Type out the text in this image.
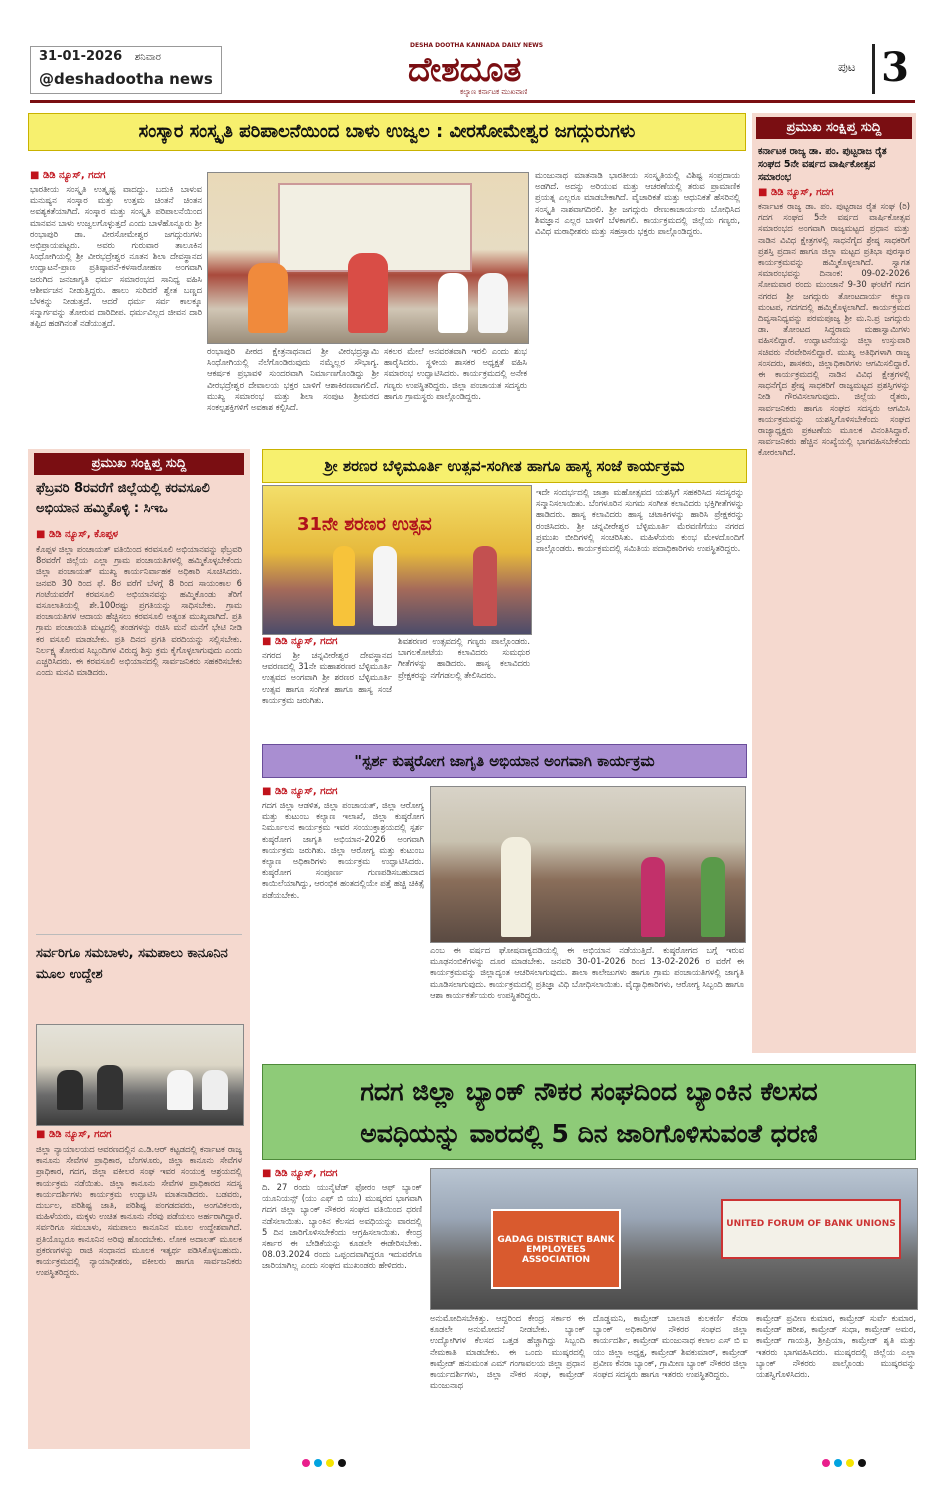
31-01-2026 ಶನಿವಾರ
@deshadootha news
DESHA DOOTHA KANNADA DAILY NEWS
ದೇಶದೂತ
ಕಲ್ಯಾಣ ಕರ್ನಾಟಕ ಮುಖವಾಣಿ
ಪುಟ 3
ಸಂಸ್ಕಾರ ಸಂಸ್ಕೃತಿ ಪರಿಪಾಲನೆಯಿಂದ ಬಾಳು ಉಜ್ವಲ : ವೀರಸೋಮೇಶ್ವರ ಜಗದ್ಗುರುಗಳು
■ ಡಿಡಿ ನ್ಯೂಸ್, ಗದಗ
ಭಾರತೀಯ ಸಂಸ್ಕೃತಿ ಉತ್ಕೃಷ್ಟ ವಾದದ್ದು. ಬದುಕಿ ಬಾಳುವ ಮನುಷ್ಯನ ಸಂಸ್ಕಾರ ಮತ್ತು ಉತ್ತಮ ಚಿಂತನೆ ಚಿಂತನ ಅವಶ್ಯಕತೆಯಾಗಿದೆ. ಸಂಸ್ಕಾರ ಮತ್ತು ಸಂಸ್ಕೃತಿ ಪರಿಪಾಲನೆಯಿಂದ ಮಾನವನ ಬಾಳು ಉಜ್ವಲಗೊಳ್ಳುತ್ತದೆ ಎಂದು ಬಾಳೆಹೊನ್ನೂರು ಶ್ರೀ ರಂಭಾಪುರಿ ಡಾ. ವೀರಸೋಮೇಶ್ವರ ಜಗದ್ಗುರುಗಳು ಅಭಿಪ್ರಾಯಪಟ್ಟರು. ಅವರು ಗುರುವಾರ ತಾಲೂಕಿನ ಸಿಂಧೋಗಿಯಲ್ಲಿ ಶ್ರೀ ವೀರಭದ್ರೇಶ್ವರ ನೂತನ ಶಿಲಾ ದೇವಸ್ಥಾನದ ಉದ್ಘಾಟನೆ-ಪ್ರಾಣ ಪ್ರತಿಷ್ಠಾಪನೆ-ಕಳಸಾರೋಹಣ ಅಂಗವಾಗಿ ಜರುಗಿದ ಜನಜಾಗೃತಿ ಧರ್ಮ ಸಮಾರಂಭದ ಸಾನಿಧ್ಯ ವಹಿಸಿ ಆಶೀರ್ವಚನ ನೀಡುತ್ತಿದ್ದರು. ಹಾಲು ಸುರಿದರೆ ಶ್ವೇತ ಬಣ್ಣದ ಬೆಳಕನ್ನು ನೀಡುತ್ತದೆ. ಆದರೆ ಧರ್ಮ ಸರ್ವ ಕಾಲಕ್ಕೂ ಸನ್ಮಾರ್ಗವನ್ನು ತೋರುವ ದಾರಿದೀಪ. ಧರ್ಮವಿಲ್ಲದ ಜೀವನ ದಾರಿ ತಪ್ಪಿದ ಹಡಗಿನಂತೆ ನಡೆಯುತ್ತದೆ.
ರಂಭಾಪುರಿ ಪೀಠದ ಕ್ಷೇತ್ರನಾಥನಾದ ಶ್ರೀ ವೀರಭದ್ರಸ್ವಾಮಿ ಸಿಂಧೋಗಿಯಲ್ಲಿ ನೆಲೆಗೊಂಡಿರುವುದು ನಮ್ಮೆಲ್ಲರ ಸೌಭಾಗ್ಯ. ಆಕರ್ಷಕ ಪ್ರಭಾವಳಿ ಸುಂದರವಾಗಿ ನಿರ್ಮಾಣಗೊಂಡಿದ್ದು ಶ್ರೀ ವೀರಭದ್ರೇಶ್ವರ ದೇವಾಲಯ ಭಕ್ತರ ಬಾಳಿಗೆ ಆಶಾಕಿರಣವಾಗಲಿದೆ. ಮುಖ್ಯ ಸಮಾರಂಭ ಮತ್ತು ಶಿಲಾ ಸಂಪುಟ ಶ್ರೀಮಠದ ಸಂಕಲ್ಪಶಕ್ತಿಗಳಿಗೆ ಅವಕಾಶ ಕಲ್ಪಿಸಿದೆ.
ಸಕಲರ ಮೇಲೆ ಅನವರತವಾಗಿ ಇರಲಿ ಎಂದು ಶುಭ ಹಾರೈಸಿದರು. ಸ್ಥಳೀಯ ಶಾಸಕರ ಅಧ್ಯಕ್ಷತೆ ವಹಿಸಿ ಸಮಾರಂಭ ಉದ್ಘಾಟಿಸಿದರು. ಕಾರ್ಯಕ್ರಮದಲ್ಲಿ ಅನೇಕ ಗಣ್ಯರು ಉಪಸ್ಥಿತರಿದ್ದರು. ಜಿಲ್ಲಾ ಪಂಚಾಯತ ಸದಸ್ಯರು ಹಾಗೂ ಗ್ರಾಮಸ್ಥರು ಪಾಲ್ಗೊಂಡಿದ್ದರು.
ಮಂಜುನಾಥ ಮಾತನಾಡಿ ಭಾರತೀಯ ಸಂಸ್ಕೃತಿಯಲ್ಲಿ ವಿಶಿಷ್ಟ ಸಂಪ್ರದಾಯ ಅಡಗಿದೆ. ಅದನ್ನು ಅರಿಯುವ ಮತ್ತು ಆಚರಣೆಯಲ್ಲಿ ತರುವ ಪ್ರಾಮಾಣಿಕ ಪ್ರಯತ್ನ ಎಲ್ಲರೂ ಮಾಡಬೇಕಾಗಿದೆ. ವೈಚಾರಿಕತೆ ಮತ್ತು ಆಧುನಿಕತೆ ಹೆಸರಿನಲ್ಲಿ ಸಂಸ್ಕೃತಿ ನಾಶವಾಗದಿರಲಿ. ಶ್ರೀ ಜಗದ್ಗುರು ರೇಣುಕಾಚಾರ್ಯರು ಬೋಧಿಸಿದ ಶಿವಜ್ಞಾನ ಎಲ್ಲರ ಬಾಳಿಗೆ ಬೆಳಕಾಗಲಿ. ಕಾರ್ಯಕ್ರಮದಲ್ಲಿ ಜಿಲ್ಲೆಯ ಗಣ್ಯರು, ವಿವಿಧ ಮಠಾಧೀಶರು ಮತ್ತು ಸಹಸ್ರಾರು ಭಕ್ತರು ಪಾಲ್ಗೊಂಡಿದ್ದರು.
ಪ್ರಮುಖ ಸಂಕ್ಷಿಪ್ತ ಸುದ್ದಿ
ಕರ್ನಾಟಕ ರಾಜ್ಯ ಡಾ. ಪಂ. ಪುಟ್ಟರಾಜ ರೈತ ಸಂಘದ 5ನೇ ವರ್ಷದ ವಾರ್ಷಿಕೋತ್ಸವ ಸಮಾರಂಭ
■ ಡಿಡಿ ನ್ಯೂಸ್, ಗದಗ
ಕರ್ನಾಟಕ ರಾಜ್ಯ ಡಾ. ಪಂ. ಪುಟ್ಟರಾಜ ರೈತ ಸಂಘ (ರಿ) ಗದಗ ಸಂಘದ 5ನೇ ವರ್ಷದ ವಾರ್ಷಿಕೋತ್ಸವ ಸಮಾರಂಭದ ಅಂಗವಾಗಿ ರಾಜ್ಯಮಟ್ಟದ ಪ್ರಧಾನ ಮತ್ತು ನಾಡಿನ ವಿವಿಧ ಕ್ಷೇತ್ರಗಳಲ್ಲಿ ಸಾಧನೆಗೈದ ಶ್ರೇಷ್ಠ ಸಾಧಕರಿಗೆ ಪ್ರಶಸ್ತಿ ಪ್ರದಾನ ಹಾಗೂ ಜಿಲ್ಲಾ ಮಟ್ಟದ ಪ್ರತಿಭಾ ಪುರಸ್ಕಾರ ಕಾರ್ಯಕ್ರಮವನ್ನು ಹಮ್ಮಿಕೊಳ್ಳಲಾಗಿದೆ. ಸ್ವಾಗತ ಸಮಾರಂಭವನ್ನು ದಿನಾಂಕ: 09-02-2026 ಸೋಮವಾರ ರಂದು ಮುಂಜಾನೆ 9-30 ಘಂಟೆಗೆ ಗದಗ ನಗರದ ಶ್ರೀ ಜಗದ್ಗುರು ತೋಂಟದಾರ್ಯ ಕಲ್ಯಾಣ ಮಂಟಪ, ಗದಗದಲ್ಲಿ ಹಮ್ಮಿಕೊಳ್ಳಲಾಗಿದೆ. ಕಾರ್ಯಕ್ರಮದ ದಿವ್ಯಸಾನಿಧ್ಯವನ್ನು ಪರಮಪೂಜ್ಯ ಶ್ರೀ ಮ.ನಿ.ಪ್ರ ಜಗದ್ಗುರು ಡಾ. ತೋಂಟದ ಸಿದ್ಧರಾಮ ಮಹಾಸ್ವಾಮಿಗಳು ವಹಿಸಲಿದ್ದಾರೆ. ಉದ್ಘಾಟನೆಯನ್ನು ಜಿಲ್ಲಾ ಉಸ್ತುವಾರಿ ಸಚಿವರು ನೆರವೇರಿಸಲಿದ್ದಾರೆ. ಮುಖ್ಯ ಅತಿಥಿಗಳಾಗಿ ರಾಜ್ಯ ಸಂಸದರು, ಶಾಸಕರು, ಜಿಲ್ಲಾಧಿಕಾರಿಗಳು ಆಗಮಿಸಲಿದ್ದಾರೆ. ಈ ಕಾರ್ಯಕ್ರಮದಲ್ಲಿ ನಾಡಿನ ವಿವಿಧ ಕ್ಷೇತ್ರಗಳಲ್ಲಿ ಸಾಧನೆಗೈದ ಶ್ರೇಷ್ಠ ಸಾಧಕರಿಗೆ ರಾಜ್ಯಮಟ್ಟದ ಪ್ರಶಸ್ತಿಗಳನ್ನು ನೀಡಿ ಗೌರವಿಸಲಾಗುವುದು. ಜಿಲ್ಲೆಯ ರೈತರು, ಸಾರ್ವಜನಿಕರು ಹಾಗೂ ಸಂಘದ ಸದಸ್ಯರು ಆಗಮಿಸಿ ಕಾರ್ಯಕ್ರಮವನ್ನು ಯಶಸ್ವಿಗೊಳಿಸಬೇಕೆಂದು ಸಂಘದ ರಾಜ್ಯಾಧ್ಯಕ್ಷರು ಪ್ರಕಟಣೆಯ ಮೂಲಕ ವಿನಂತಿಸಿದ್ದಾರೆ. ಸಾರ್ವಜನಿಕರು ಹೆಚ್ಚಿನ ಸಂಖ್ಯೆಯಲ್ಲಿ ಭಾಗವಹಿಸಬೇಕೆಂದು ಕೋರಲಾಗಿದೆ.
ಪ್ರಮುಖ ಸಂಕ್ಷಿಪ್ತ ಸುದ್ದಿ
ಫೆಬ್ರವರಿ 8ರವರೆಗೆ ಜಿಲ್ಲೆಯಲ್ಲಿ ಕರವಸೂಲಿ ಅಭಿಯಾನ ಹಮ್ಮಿಕೊಳ್ಳಿ : ಸಿಇಒ
■ ಡಿಡಿ ನ್ಯೂಸ್, ಕೊಪ್ಪಳ
ಕೊಪ್ಪಳ ಜಿಲ್ಲಾ ಪಂಚಾಯತ್ ವತಿಯಿಂದ ಕರವಸೂಲಿ ಅಭಿಯಾನವನ್ನು ಫೆಬ್ರವರಿ 8ರವರೆಗೆ ಜಿಲ್ಲೆಯ ಎಲ್ಲಾ ಗ್ರಾಮ ಪಂಚಾಯತಿಗಳಲ್ಲಿ ಹಮ್ಮಿಕೊಳ್ಳಬೇಕೆಂದು ಜಿಲ್ಲಾ ಪಂಚಾಯತ್ ಮುಖ್ಯ ಕಾರ್ಯನಿರ್ವಾಹಕ ಅಧಿಕಾರಿ ಸೂಚಿಸಿದರು. ಜನವರಿ 30 ರಿಂದ ಫೆ. 8ರ ವರೆಗೆ ಬೆಳಗ್ಗೆ 8 ರಿಂದ ಸಾಯಂಕಾಲ 6 ಗಂಟೆಯವರೆಗೆ ಕರವಸೂಲಿ ಅಭಿಯಾನವನ್ನು ಹಮ್ಮಿಕೊಂಡು ತೆರಿಗೆ ವಸೂಲಾತಿಯಲ್ಲಿ ಶೇ.100ರಷ್ಟು ಪ್ರಗತಿಯನ್ನು ಸಾಧಿಸಬೇಕು. ಗ್ರಾಮ ಪಂಚಾಯತಿಗಳ ಆದಾಯ ಹೆಚ್ಚಿಸಲು ಕರವಸೂಲಿ ಅತ್ಯಂತ ಮುಖ್ಯವಾಗಿದೆ. ಪ್ರತಿ ಗ್ರಾಮ ಪಂಚಾಯತಿ ಮಟ್ಟದಲ್ಲಿ ತಂಡಗಳನ್ನು ರಚಿಸಿ ಮನೆ ಮನೆಗೆ ಭೇಟಿ ನೀಡಿ ಕರ ವಸೂಲಿ ಮಾಡಬೇಕು. ಪ್ರತಿ ದಿನದ ಪ್ರಗತಿ ವರದಿಯನ್ನು ಸಲ್ಲಿಸಬೇಕು. ನಿರ್ಲಕ್ಷ್ಯ ತೋರುವ ಸಿಬ್ಬಂದಿಗಳ ವಿರುದ್ಧ ಶಿಸ್ತು ಕ್ರಮ ಕೈಗೊಳ್ಳಲಾಗುವುದು ಎಂದು ಎಚ್ಚರಿಸಿದರು. ಈ ಕರವಸೂಲಿ ಅಭಿಯಾನದಲ್ಲಿ ಸಾರ್ವಜನಿಕರು ಸಹಕರಿಸಬೇಕು ಎಂದು ಮನವಿ ಮಾಡಿದರು.
ಸರ್ವರಿಗೂ ಸಮಬಾಳು, ಸಮಪಾಲು ಕಾನೂನಿನ ಮೂಲ ಉದ್ದೇಶ
■ ಡಿಡಿ ನ್ಯೂಸ್, ಗದಗ
ಜಿಲ್ಲಾ ನ್ಯಾಯಾಲಯದ ಆವರಣದಲ್ಲಿನ ಎ.ಡಿ.ಆರ್ ಕಟ್ಟಡದಲ್ಲಿ ಕರ್ನಾಟಕ ರಾಜ್ಯ ಕಾನೂನು ಸೇವೆಗಳ ಪ್ರಾಧಿಕಾರ, ಬೆಂಗಳೂರು, ಜಿಲ್ಲಾ ಕಾನೂನು ಸೇವೆಗಳ ಪ್ರಾಧಿಕಾರ, ಗದಗ, ಜಿಲ್ಲಾ ವಕೀಲರ ಸಂಘ ಇವರ ಸಂಯುಕ್ತ ಆಶ್ರಯದಲ್ಲಿ ಕಾರ್ಯಕ್ರಮ ನಡೆಯಿತು. ಜಿಲ್ಲಾ ಕಾನೂನು ಸೇವೆಗಳ ಪ್ರಾಧಿಕಾರದ ಸದಸ್ಯ ಕಾರ್ಯದರ್ಶಿಗಳು ಕಾರ್ಯಕ್ರಮ ಉದ್ಘಾಟಿಸಿ ಮಾತನಾಡಿದರು. ಬಡವರು, ದುರ್ಬಲ, ಪರಿಶಿಷ್ಟ ಜಾತಿ, ಪರಿಶಿಷ್ಟ ಪಂಗಡದವರು, ಅಂಗವಿಕಲರು, ಮಹಿಳೆಯರು, ಮಕ್ಕಳು ಉಚಿತ ಕಾನೂನು ನೆರವು ಪಡೆಯಲು ಅರ್ಹರಾಗಿದ್ದಾರೆ. ಸರ್ವರಿಗೂ ಸಮಬಾಳು, ಸಮಪಾಲು ಕಾನೂನಿನ ಮೂಲ ಉದ್ದೇಶವಾಗಿದೆ. ಪ್ರತಿಯೊಬ್ಬರೂ ಕಾನೂನಿನ ಅರಿವು ಹೊಂದಬೇಕು. ಲೋಕ ಅದಾಲತ್ ಮೂಲಕ ಪ್ರಕರಣಗಳನ್ನು ರಾಜಿ ಸಂಧಾನದ ಮೂಲಕ ಇತ್ಯರ್ಥ ಪಡಿಸಿಕೊಳ್ಳಬಹುದು. ಕಾರ್ಯಕ್ರಮದಲ್ಲಿ ನ್ಯಾಯಾಧೀಶರು, ವಕೀಲರು ಹಾಗೂ ಸಾರ್ವಜನಿಕರು ಉಪಸ್ಥಿತರಿದ್ದರು.
ಶ್ರೀ ಶರಣರ ಬೆಳ್ಳಿಮೂರ್ತಿ ಉತ್ಸವ-ಸಂಗೀತ ಹಾಗೂ ಹಾಸ್ಯ ಸಂಜೆ ಕಾರ್ಯಕ್ರಮ
31ನೇ ಶರಣರ ಉತ್ಸವ
■ ಡಿಡಿ ನ್ಯೂಸ್, ಗದಗ
ನಗರದ ಶ್ರೀ ಚನ್ನವೀರೇಶ್ವರ ದೇವಸ್ಥಾನದ ಆವರಣದಲ್ಲಿ 31ನೇ ಮಹಾಶರಣರ ಬೆಳ್ಳಿಮೂರ್ತಿ ಉತ್ಸವದ ಅಂಗವಾಗಿ ಶ್ರೀ ಶರಣರ ಬೆಳ್ಳಿಮೂರ್ತಿ ಉತ್ಸವ ಹಾಗೂ ಸಂಗೀತ ಹಾಗೂ ಹಾಸ್ಯ ಸಂಜೆ ಕಾರ್ಯಕ್ರಮ ಜರುಗಿತು.
ಶಿವಶರಣರ ಉತ್ಸವದಲ್ಲಿ ಗಣ್ಯರು ಪಾಲ್ಗೊಂಡರು. ಬಾಗಲಕೋಟೆಯ ಕಲಾವಿದರು ಸುಮಧುರ ಗೀತೆಗಳನ್ನು ಹಾಡಿದರು. ಹಾಸ್ಯ ಕಲಾವಿದರು ಪ್ರೇಕ್ಷಕರನ್ನು ನಗೆಗಡಲಲ್ಲಿ ತೇಲಿಸಿದರು.
ಇದೇ ಸಂದರ್ಭದಲ್ಲಿ ಜಾತ್ರಾ ಮಹೋತ್ಸವದ ಯಶಸ್ಸಿಗೆ ಸಹಕರಿಸಿದ ಸದಸ್ಯರನ್ನು ಸನ್ಮಾನಿಸಲಾಯಿತು. ಬೆಂಗಳೂರಿನ ಸುಗಮ ಸಂಗೀತ ಕಲಾವಿದರು ಭಕ್ತಿಗೀತೆಗಳನ್ನು ಹಾಡಿದರು. ಹಾಸ್ಯ ಕಲಾವಿದರು ಹಾಸ್ಯ ಚಟಾಕಿಗಳನ್ನು ಹಾರಿಸಿ ಪ್ರೇಕ್ಷಕರನ್ನು ರಂಜಿಸಿದರು. ಶ್ರೀ ಚನ್ನವೀರೇಶ್ವರ ಬೆಳ್ಳಿಮೂರ್ತಿ ಮೆರವಣಿಗೆಯು ನಗರದ ಪ್ರಮುಖ ಬೀದಿಗಳಲ್ಲಿ ಸಂಚರಿಸಿತು. ಮಹಿಳೆಯರು ಕುಂಭ ಮೇಳದೊಂದಿಗೆ ಪಾಲ್ಗೊಂಡರು. ಕಾರ್ಯಕ್ರಮದಲ್ಲಿ ಸಮಿತಿಯ ಪದಾಧಿಕಾರಿಗಳು ಉಪಸ್ಥಿತರಿದ್ದರು.
"ಸ್ಪರ್ಶ ಕುಷ್ಠರೋಗ ಜಾಗೃತಿ ಅಭಿಯಾನ ಅಂಗವಾಗಿ ಕಾರ್ಯಕ್ರಮ
■ ಡಿಡಿ ನ್ಯೂಸ್, ಗದಗ
ಗದಗ ಜಿಲ್ಲಾ ಆಡಳಿತ, ಜಿಲ್ಲಾ ಪಂಚಾಯತ್, ಜಿಲ್ಲಾ ಆರೋಗ್ಯ ಮತ್ತು ಕುಟುಂಬ ಕಲ್ಯಾಣ ಇಲಾಖೆ, ಜಿಲ್ಲಾ ಕುಷ್ಠರೋಗ ನಿರ್ಮೂಲನ ಕಾರ್ಯಕ್ರಮ ಇವರ ಸಂಯುಕ್ತಾಶ್ರಯದಲ್ಲಿ ಸ್ಪರ್ಶ ಕುಷ್ಠರೋಗ ಜಾಗೃತಿ ಅಭಿಯಾನ-2026 ಅಂಗವಾಗಿ ಕಾರ್ಯಕ್ರಮ ಜರುಗಿತು. ಜಿಲ್ಲಾ ಆರೋಗ್ಯ ಮತ್ತು ಕುಟುಂಬ ಕಲ್ಯಾಣ ಅಧಿಕಾರಿಗಳು ಕಾರ್ಯಕ್ರಮ ಉದ್ಘಾಟಿಸಿದರು. ಕುಷ್ಠರೋಗ ಸಂಪೂರ್ಣ ಗುಣಪಡಿಸಬಹುದಾದ ಕಾಯಿಲೆಯಾಗಿದ್ದು, ಆರಂಭಿಕ ಹಂತದಲ್ಲಿಯೇ ಪತ್ತೆ ಹಚ್ಚಿ ಚಿಕಿತ್ಸೆ ಪಡೆಯಬೇಕು.
ಎಂಬ ಈ ವರ್ಷದ ಘೋಷವಾಕ್ಯದಡಿಯಲ್ಲಿ ಈ ಅಭಿಯಾನ ನಡೆಯುತ್ತಿದೆ. ಕುಷ್ಠರೋಗದ ಬಗ್ಗೆ ಇರುವ ಮೂಢನಂಬಿಕೆಗಳನ್ನು ದೂರ ಮಾಡಬೇಕು. ಜನವರಿ 30-01-2026 ರಿಂದ 13-02-2026 ರ ವರೆಗೆ ಈ ಕಾರ್ಯಕ್ರಮವನ್ನು ಜಿಲ್ಲಾದ್ಯಂತ ಆಚರಿಸಲಾಗುವುದು. ಶಾಲಾ ಕಾಲೇಜುಗಳು ಹಾಗೂ ಗ್ರಾಮ ಪಂಚಾಯತಿಗಳಲ್ಲಿ ಜಾಗೃತಿ ಮೂಡಿಸಲಾಗುವುದು. ಕಾರ್ಯಕ್ರಮದಲ್ಲಿ ಪ್ರತಿಜ್ಞಾ ವಿಧಿ ಬೋಧಿಸಲಾಯಿತು. ವೈದ್ಯಾಧಿಕಾರಿಗಳು, ಆರೋಗ್ಯ ಸಿಬ್ಬಂದಿ ಹಾಗೂ ಆಶಾ ಕಾರ್ಯಕರ್ತೆಯರು ಉಪಸ್ಥಿತರಿದ್ದರು.
ಗದಗ ಜಿಲ್ಲಾ ಬ್ಯಾಂಕ್ ನೌಕರ ಸಂಘದಿಂದ ಬ್ಯಾಂಕಿನ ಕೆಲಸದ
ಅವಧಿಯನ್ನು ವಾರದಲ್ಲಿ 5 ದಿನ ಜಾರಿಗೊಳಿಸುವಂತೆ ಧರಣಿ
■ ಡಿಡಿ ನ್ಯೂಸ್, ಗದಗ
ದಿ. 27 ರಂದು ಯುನೈಟೆಡ್ ಫೋರಂ ಆಫ್ ಬ್ಯಾಂಕ್ ಯೂನಿಯನ್ಸ್ (ಯು ಎಫ್ ಬಿ ಯು) ಮುಷ್ಕರದ ಭಾಗವಾಗಿ ಗದಗ ಜಿಲ್ಲಾ ಬ್ಯಾಂಕ್ ನೌಕರರ ಸಂಘದ ವತಿಯಿಂದ ಧರಣಿ ನಡೆಸಲಾಯಿತು. ಬ್ಯಾಂಕಿನ ಕೆಲಸದ ಅವಧಿಯನ್ನು ವಾರದಲ್ಲಿ 5 ದಿನ ಜಾರಿಗೊಳಿಸಬೇಕೆಂದು ಆಗ್ರಹಿಸಲಾಯಿತು. ಕೇಂದ್ರ ಸರ್ಕಾರ ಈ ಬೇಡಿಕೆಯನ್ನು ಕೂಡಲೇ ಈಡೇರಿಸಬೇಕು. 08.03.2024 ರಂದು ಒಪ್ಪಂದವಾಗಿದ್ದರೂ ಇದುವರೆಗೂ ಜಾರಿಯಾಗಿಲ್ಲ ಎಂದು ಸಂಘದ ಮುಖಂಡರು ಹೇಳಿದರು.
GADAG DISTRICT BANK EMPLOYEES ASSOCIATION
UNITED FORUM OF BANK UNIONS
ಅನುಮೋದಿಸಬೇಕಿತ್ತು. ಆದ್ದರಿಂದ ಕೇಂದ್ರ ಸರ್ಕಾರ ಈ ಕೂಡಲೇ ಅನುಮೋದನೆ ನೀಡಬೇಕು. ಬ್ಯಾಂಕ್ ಉದ್ಯೋಗಿಗಳ ಕೆಲಸದ ಒತ್ತಡ ಹೆಚ್ಚಾಗಿದ್ದು ಸಿಬ್ಬಂದಿ ನೇಮಕಾತಿ ಮಾಡಬೇಕು. ಈ ಒಂದು ಮುಷ್ಕರದಲ್ಲಿ ಕಾಮ್ರೇಡ್ ಹನುಮಂತ ಎಮ್ ಗಂಗಾವಲಯ ಜಿಲ್ಲಾ ಪ್ರಧಾನ ಕಾರ್ಯದರ್ಶಿಗಳು, ಜಿಲ್ಲಾ ನೌಕರ ಸಂಘ, ಕಾಮ್ರೇಡ್ ಮಂಜುನಾಥ
ದೊಡ್ಡಮನಿ, ಕಾಮ್ರೇಡ್ ಬಾಲಾಜಿ ಕುಲಕರ್ಣಿ ಕೆನರಾ ಬ್ಯಾಂಕ್ ಅಧಿಕಾರಿಗಳ ನೌಕರರ ಸಂಘದ ಜಿಲ್ಲಾ ಕಾರ್ಯದರ್ಶಿ, ಕಾಮ್ರೇಡ್ ಮಂಜುನಾಥ ಕಲಾಲ ಎಸ್ ಬಿ ಐ ಯು ಜಿಲ್ಲಾ ಅಧ್ಯಕ್ಷ, ಕಾಮ್ರೇಡ್ ಶಿವಕುಮಾರ್, ಕಾಮ್ರೇಡ್ ಪ್ರವೀಣ ಕೆನರಾ ಬ್ಯಾಂಕ್, ಗ್ರಾಮೀಣ ಬ್ಯಾಂಕ್ ನೌಕರರ ಜಿಲ್ಲಾ ಸಂಘದ ಸದಸ್ಯರು ಹಾಗೂ ಇತರರು ಉಪಸ್ಥಿತರಿದ್ದರು.
ಕಾಮ್ರೇಡ್ ಪ್ರವೀಣ ಕುಮಾರ, ಕಾಮ್ರೇಡ್ ಸುರ್ವೆ ಕುಮಾರ, ಕಾಮ್ರೇಡ್ ಹರೀಶ, ಕಾಮ್ರೇಡ್ ಸುಧಾ, ಕಾಮ್ರೇಡ್ ಅಮರ, ಕಾಮ್ರೇಡ್ ಗಾಯತ್ರಿ, ಶ್ರೀಪ್ರಿಯಾ, ಕಾಮ್ರೇಡ್ ಶೃತಿ ಮತ್ತು ಇತರರು ಭಾಗವಹಿಸಿದರು. ಮುಷ್ಕರದಲ್ಲಿ ಜಿಲ್ಲೆಯ ಎಲ್ಲಾ ಬ್ಯಾಂಕ್ ನೌಕರರು ಪಾಲ್ಗೊಂಡು ಮುಷ್ಕರವನ್ನು ಯಶಸ್ವಿಗೊಳಿಸಿದರು.
